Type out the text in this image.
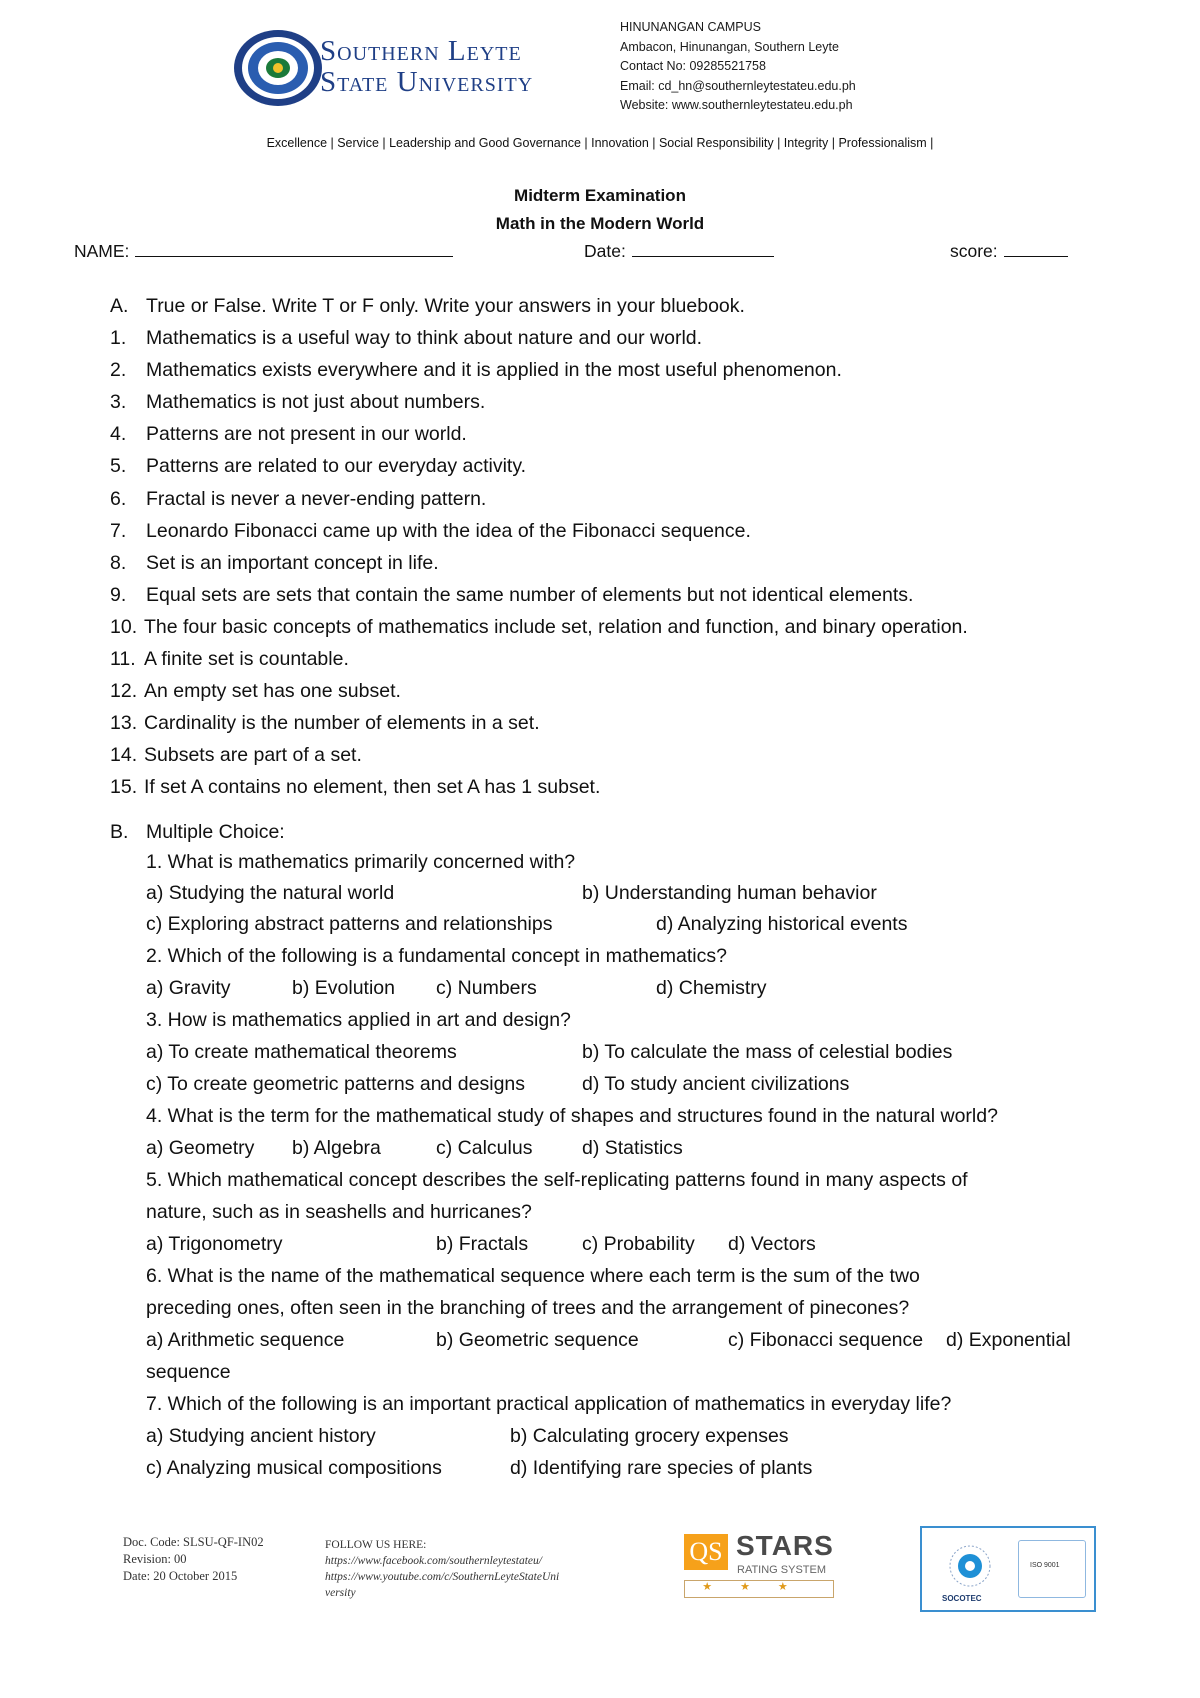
Southern Leyte
State University
HINUNANGAN CAMPUS
Ambacon, Hinunangan, Southern Leyte
Contact No: 09285521758
Email: cd_hn@southernleytestateu.edu.ph
Website: www.southernleytestateu.edu.ph
Excellence | Service | Leadership and Good Governance | Innovation | Social Responsibility | Integrity | Professionalism |
Midterm Examination
Math in the Modern World
NAME:	Date:	score:
A. True or False. Write T or F only. Write your answers in your bluebook.
1. Mathematics is a useful way to think about nature and our world.
2. Mathematics exists everywhere and it is applied in the most useful phenomenon.
3. Mathematics is not just about numbers.
4. Patterns are not present in our world.
5. Patterns are related to our everyday activity.
6. Fractal is never a never-ending pattern.
7. Leonardo Fibonacci came up with the idea of the Fibonacci sequence.
8. Set is an important concept in life.
9. Equal sets are sets that contain the same number of elements but not identical elements.
10. The four basic concepts of mathematics include set, relation and function, and binary operation.
11. A finite set is countable.
12. An empty set has one subset.
13. Cardinality is the number of elements in a set.
14. Subsets are part of a set.
15. If set A contains no element, then set A has 1 subset.
B. Multiple Choice:
1. What is mathematics primarily concerned with?
a) Studying the natural world	b) Understanding human behavior
c) Exploring abstract patterns and relationships	d) Analyzing historical events
2. Which of the following is a fundamental concept in mathematics?
a) Gravity	b) Evolution c) Numbers	d) Chemistry
3. How is mathematics applied in art and design?
a) To create mathematical theorems	b) To calculate the mass of celestial bodies
c) To create geometric patterns and designs	d) To study ancient civilizations
4. What is the term for the mathematical study of shapes and structures found in the natural world?
a) Geometry b) Algebra	c) Calculus	d) Statistics
5. Which mathematical concept describes the self-replicating patterns found in many aspects of
nature, such as in seashells and hurricanes?
a) Trigonometry	b) Fractals	c) Probability d) Vectors
6. What is the name of the mathematical sequence where each term is the sum of the two
preceding ones, often seen in the branching of trees and the arrangement of pinecones?
a) Arithmetic sequence	b) Geometric sequence	c) Fibonacci sequence d) Exponential
sequence
7. Which of the following is an important practical application of mathematics in everyday life?
a) Studying ancient history	b) Calculating grocery expenses
c) Analyzing musical compositions	d) Identifying rare species of plants
Doc. Code: SLSU-QF-IN02
Revision: 00
Date: 20 October 2015
FOLLOW US HERE:
https://www.facebook.com/southernleytestateu/
https://www.youtube.com/c/SouthernLeyteStateUni
versity
QS STARS
RATING SYSTEM
★★★
SOCOTEC
ISO 9001
